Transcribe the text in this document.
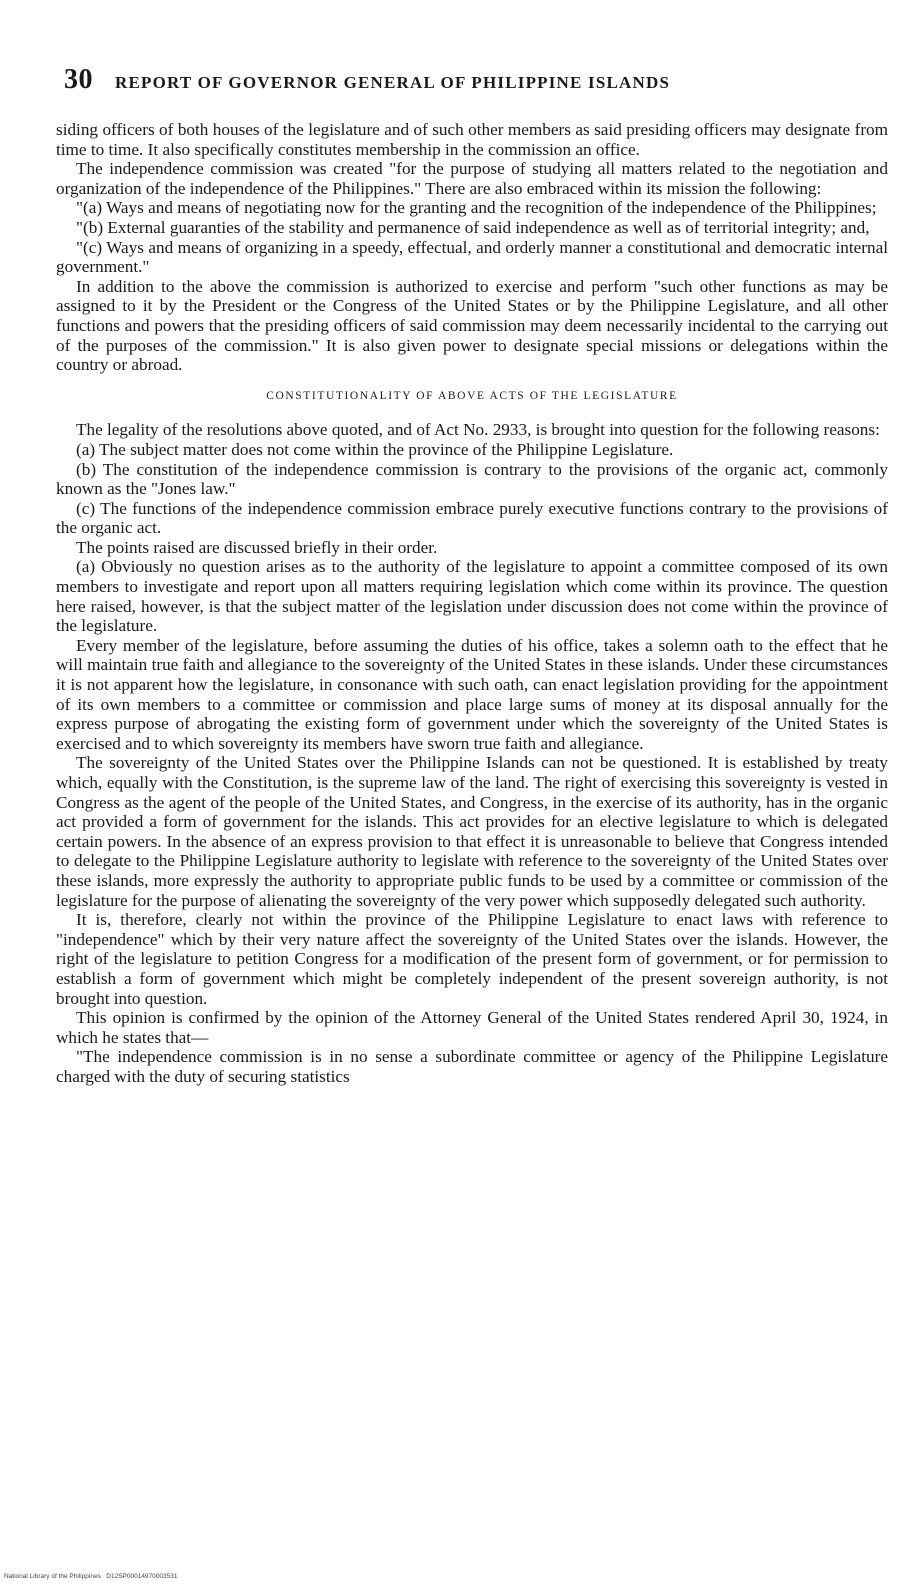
30 REPORT OF GOVERNOR GENERAL OF PHILIPPINE ISLANDS

siding officers of both houses of the legislature and of such other members as said presiding officers may designate from time to time. It also specifically constitutes membership in the commission an office.

The independence commission was created "for the purpose of studying all matters related to the negotiation and organization of the independence of the Philippines." There are also embraced within its mission the following:

"(a) Ways and means of negotiating now for the granting and the recognition of the independence of the Philippines;

"(b) External guaranties of the stability and permanence of said independence as well as of territorial integrity; and,

"(c) Ways and means of organizing in a speedy, effectual, and orderly manner a constitutional and democratic internal government."

In addition to the above the commission is authorized to exercise and perform "such other functions as may be assigned to it by the President or the Congress of the United States or by the Philippine Legislature, and all other functions and powers that the presiding officers of said commission may deem necessarily incidental to the carrying out of the purposes of the commission." It is also given power to designate special missions or delegations within the country or abroad.

CONSTITUTIONALITY OF ABOVE ACTS OF THE LEGISLATURE

The legality of the resolutions above quoted, and of Act No. 2933, is brought into question for the following reasons:

(a) The subject matter does not come within the province of the Philippine Legislature.

(b) The constitution of the independence commission is contrary to the provisions of the organic act, commonly known as the "Jones law."

(c) The functions of the independence commission embrace purely executive functions contrary to the provisions of the organic act.

The points raised are discussed briefly in their order.

(a) Obviously no question arises as to the authority of the legislature to appoint a committee composed of its own members to investigate and report upon all matters requiring legislation which come within its province. The question here raised, however, is that the subject matter of the legislation under discussion does not come within the province of the legislature.

Every member of the legislature, before assuming the duties of his office, takes a solemn oath to the effect that he will maintain true faith and allegiance to the sovereignty of the United States in these islands. Under these circumstances it is not apparent how the legislature, in consonance with such oath, can enact legislation providing for the appointment of its own members to a committee or commission and place large sums of money at its disposal annually for the express purpose of abrogating the existing form of government under which the sovereignty of the United States is exercised and to which sovereignty its members have sworn true faith and allegiance.

The sovereignty of the United States over the Philippine Islands can not be questioned. It is established by treaty which, equally with the Constitution, is the supreme law of the land. The right of exercising this sovereignty is vested in Congress as the agent of the people of the United States, and Congress, in the exercise of its authority, has in the organic act provided a form of government for the islands. This act provides for an elective legislature to which is delegated certain powers. In the absence of an express provision to that effect it is unreasonable to believe that Congress intended to delegate to the Philippine Legislature authority to legislate with reference to the sovereignty of the United States over these islands, more expressly the authority to appropriate public funds to be used by a committee or commission of the legislature for the purpose of alienating the sovereignty of the very power which supposedly delegated such authority.

It is, therefore, clearly not within the province of the Philippine Legislature to enact laws with reference to "independence" which by their very nature affect the sovereignty of the United States over the islands. However, the right of the legislature to petition Congress for a modification of the present form of government, or for permission to establish a form of government which might be completely independent of the present sovereign authority, is not brought into question.

This opinion is confirmed by the opinion of the Attorney General of the United States rendered April 30, 1924, in which he states that—

"The independence commission is in no sense a subordinate committee or agency of the Philippine Legislature charged with the duty of securing statistics

National Library of the Philippines D12SP00014970003531
